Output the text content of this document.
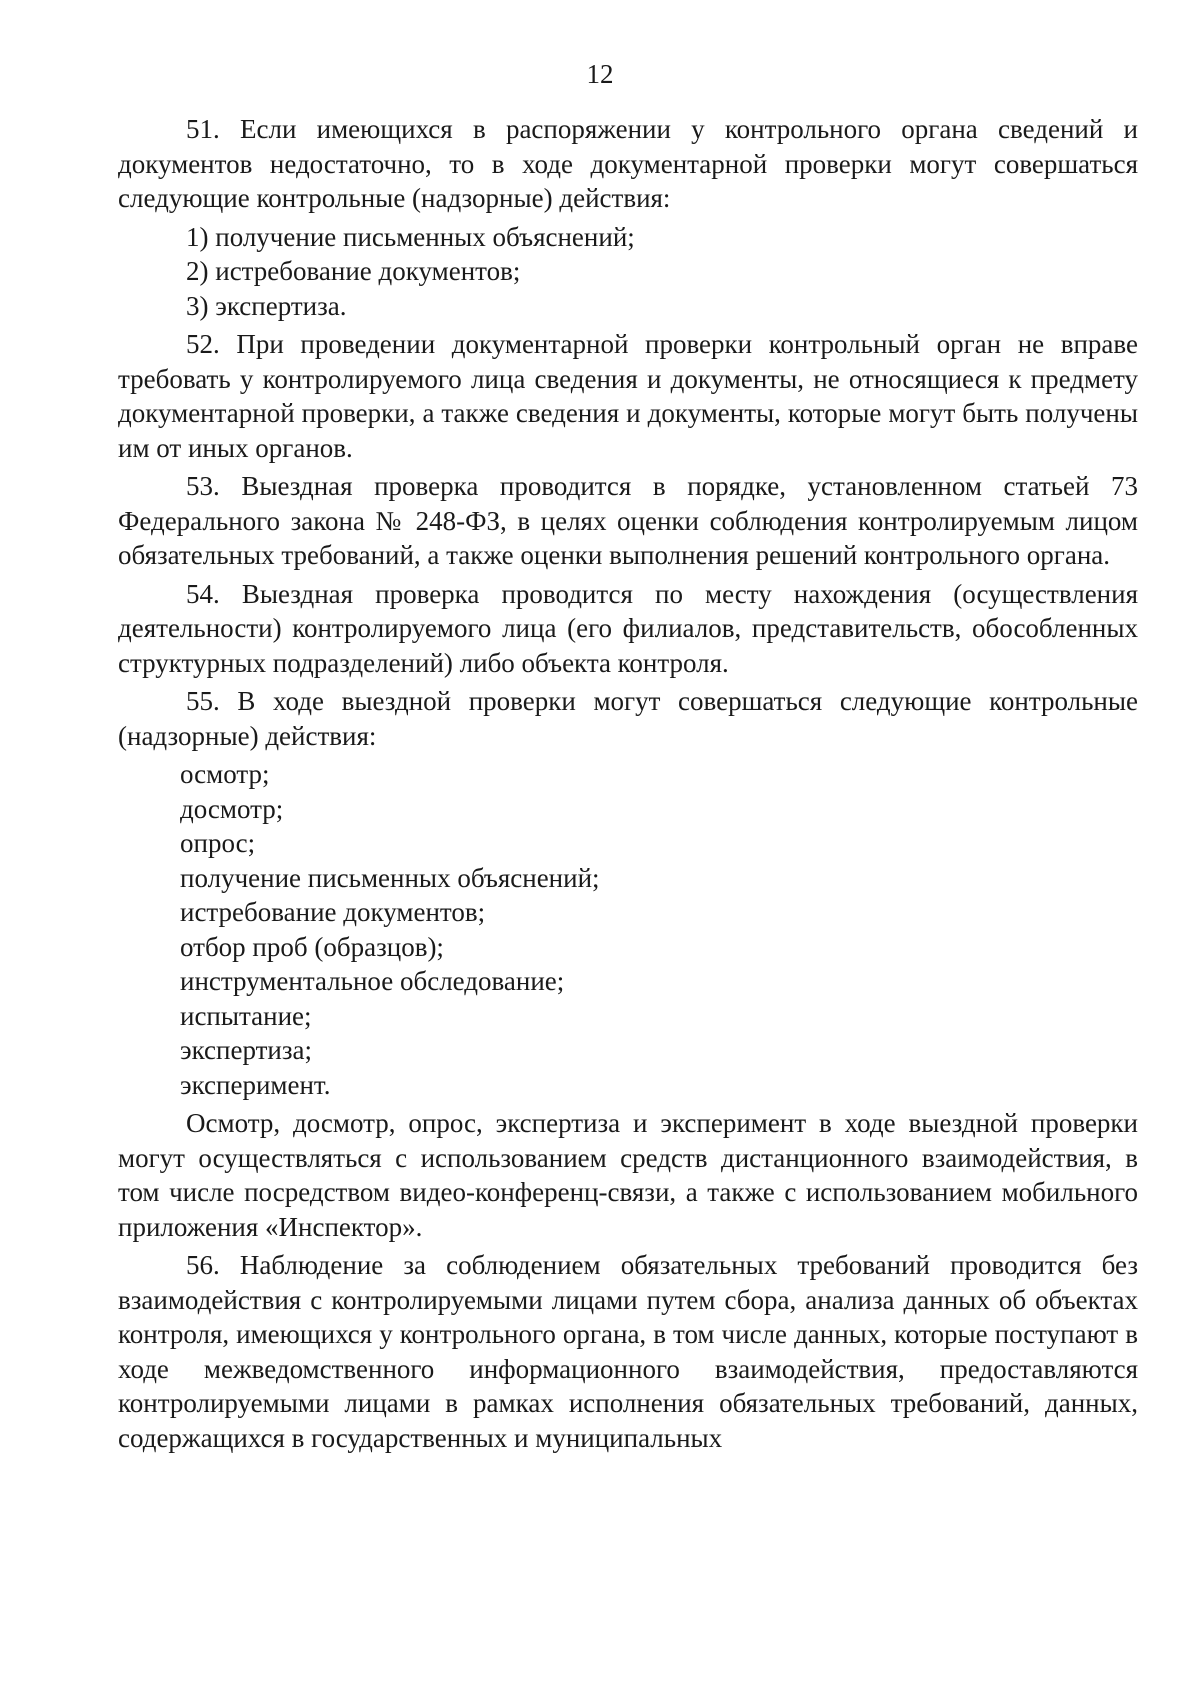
12

51. Если имеющихся в распоряжении у контрольного органа сведений и документов недостаточно, то в ходе документарной проверки могут совершаться следующие контрольные (надзорные) действия:

1) получение письменных объяснений;

2) истребование документов;

3) экспертиза.

52. При проведении документарной проверки контрольный орган не вправе требовать у контролируемого лица сведения и документы, не относящиеся к предмету документарной проверки, а также сведения и документы, которые могут быть получены им от иных органов.

53. Выездная проверка проводится в порядке, установленном статьей 73 Федерального закона № 248-ФЗ, в целях оценки соблюдения контролируемым лицом обязательных требований, а также оценки выполнения решений контрольного органа.

54. Выездная проверка проводится по месту нахождения (осуществления деятельности) контролируемого лица (его филиалов, представительств, обособленных структурных подразделений) либо объекта контроля.

55. В ходе выездной проверки могут совершаться следующие контрольные (надзорные) действия:

осмотр;

досмотр;

опрос;

получение письменных объяснений;

истребование документов;

отбор проб (образцов);

инструментальное обследование;

испытание;

экспертиза;

эксперимент.

Осмотр, досмотр, опрос, экспертиза и эксперимент в ходе выездной проверки могут осуществляться с использованием средств дистанционного взаимодействия, в том числе посредством видео-конференц-связи, а также с использованием мобильного приложения «Инспектор».

56. Наблюдение за соблюдением обязательных требований проводится без взаимодействия с контролируемыми лицами путем сбора, анализа данных об объектах контроля, имеющихся у контрольного органа, в том числе данных, которые поступают в ходе межведомственного информационного взаимодействия, предоставляются контролируемыми лицами в рамках исполнения обязательных требований, данных, содержащихся в государственных и муниципальных
